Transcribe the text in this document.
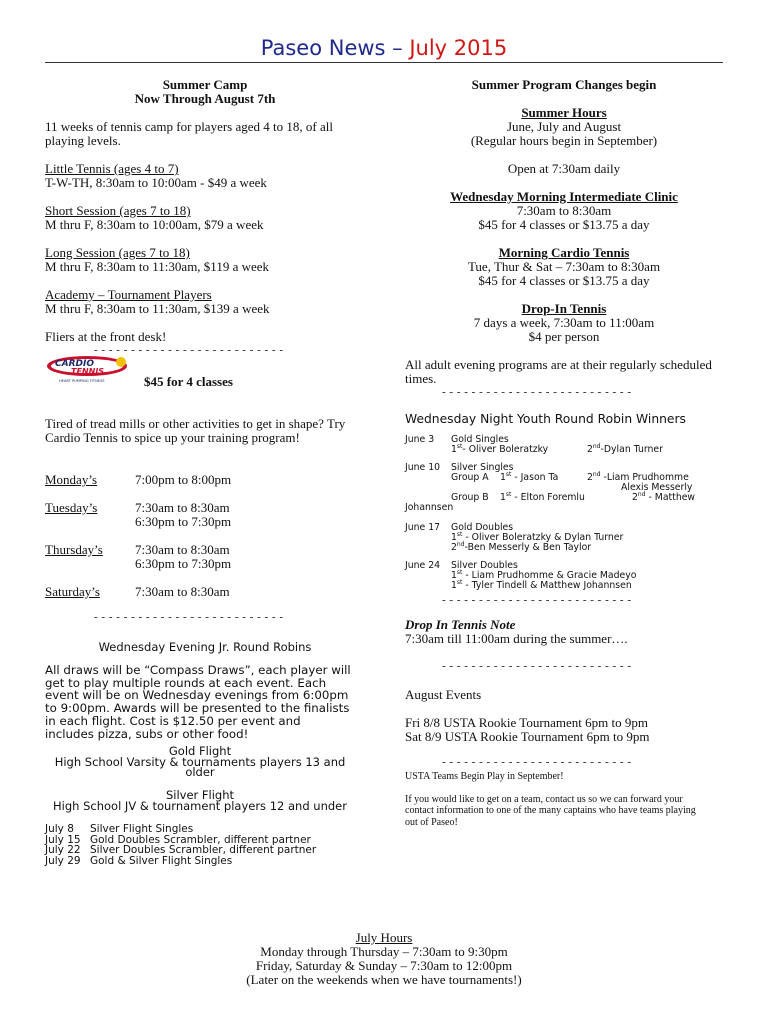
Paseo News – July 2015
Summer Camp
Now Through August 7th
11 weeks of tennis camp for players aged 4 to 18, of all playing levels.
Little Tennis (ages 4 to 7)
T-W-TH, 8:30am to 10:00am - $49 a week
Short Session (ages 7 to 18)
M thru F, 8:30am to 10:00am, $79 a week
Long Session (ages 7 to 18)
M thru F, 8:30am to 11:30am, $119 a week
Academy – Tournament Players
M thru F, 8:30am to 11:30am, $139 a week
Fliers at the front desk!
- - - - - - - - - - - - - - - - - - - - - - - - - -
CARDIO
TENNIS
HEART PUMPING FITNESS	$45 for 4 classes
Tired of tread mills or other activities to get in shape? Try Cardio Tennis to spice up your training program!
Monday’s	7:00pm to 8:00pm
Tuesday’s	7:30am to 8:30am
6:30pm to 7:30pm
Thursday’s	7:30am to 8:30am
6:30pm to 7:30pm
Saturday’s	7:30am to 8:30am
- - - - - - - - - - - - - - - - - - - - - - - - - -
Wednesday Evening Jr. Round Robins
All draws will be “Compass Draws”, each player will get to play multiple rounds at each event. Each event will be on Wednesday evenings from 6:00pm to 9:00pm. Awards will be presented to the finalists in each flight. Cost is $12.50 per event and includes pizza, subs or other food!
Gold Flight
High School Varsity & tournaments players 13 and older
Silver Flight
High School JV & tournament players 12 and under
July 8	Silver Flight Singles
July 15 Gold Doubles Scrambler, different partner
July 22 Silver Doubles Scrambler, different partner
July 29 Gold & Silver Flight Singles
Summer Program Changes begin
Summer Hours
June, July and August
(Regular hours begin in September)
Open at 7:30am daily
Wednesday Morning Intermediate Clinic
7:30am to 8:30am
$45 for 4 classes or $13.75 a day
Morning Cardio Tennis
Tue, Thur & Sat – 7:30am to 8:30am
$45 for 4 classes or $13.75 a day
Drop-In Tennis
7 days a week, 7:30am to 11:00am
$4 per person
All adult evening programs are at their regularly scheduled times.
- - - - - - - - - - - - - - - - - - - - - - - - - -
Wednesday Night Youth Round Robin Winners
June 3 Gold Singles
1st- Oliver Boleratzky	2nd-Dylan Turner
June 10 Silver Singles
Group A 1st - Jason Ta	2nd -Liam Prudhomme
Alexis Messerly
Group B 1st - Elton Foremlu	2nd - Matthew
Johannsen
June 17 Gold Doubles
1st - Oliver Boleratzky & Dylan Turner
2nd-Ben Messerly & Ben Taylor
June 24 Silver Doubles
1st - Liam Prudhomme & Gracie Madeyo
1st - Tyler Tindell & Matthew Johannsen
- - - - - - - - - - - - - - - - - - - - - - - - - -
Drop In Tennis Note
7:30am till 11:00am during the summer….
- - - - - - - - - - - - - - - - - - - - - - - - - -
August Events
Fri 8/8 USTA Rookie Tournament 6pm to 9pm
Sat 8/9 USTA Rookie Tournament 6pm to 9pm
- - - - - - - - - - - - - - - - - - - - - - - - - -
USTA Teams Begin Play in September!
If you would like to get on a team, contact us so we can forward your contact information to one of the many captains who have teams playing out of Paseo!
July Hours
Monday through Thursday – 7:30am to 9:30pm
Friday, Saturday & Sunday – 7:30am to 12:00pm
(Later on the weekends when we have tournaments!)
